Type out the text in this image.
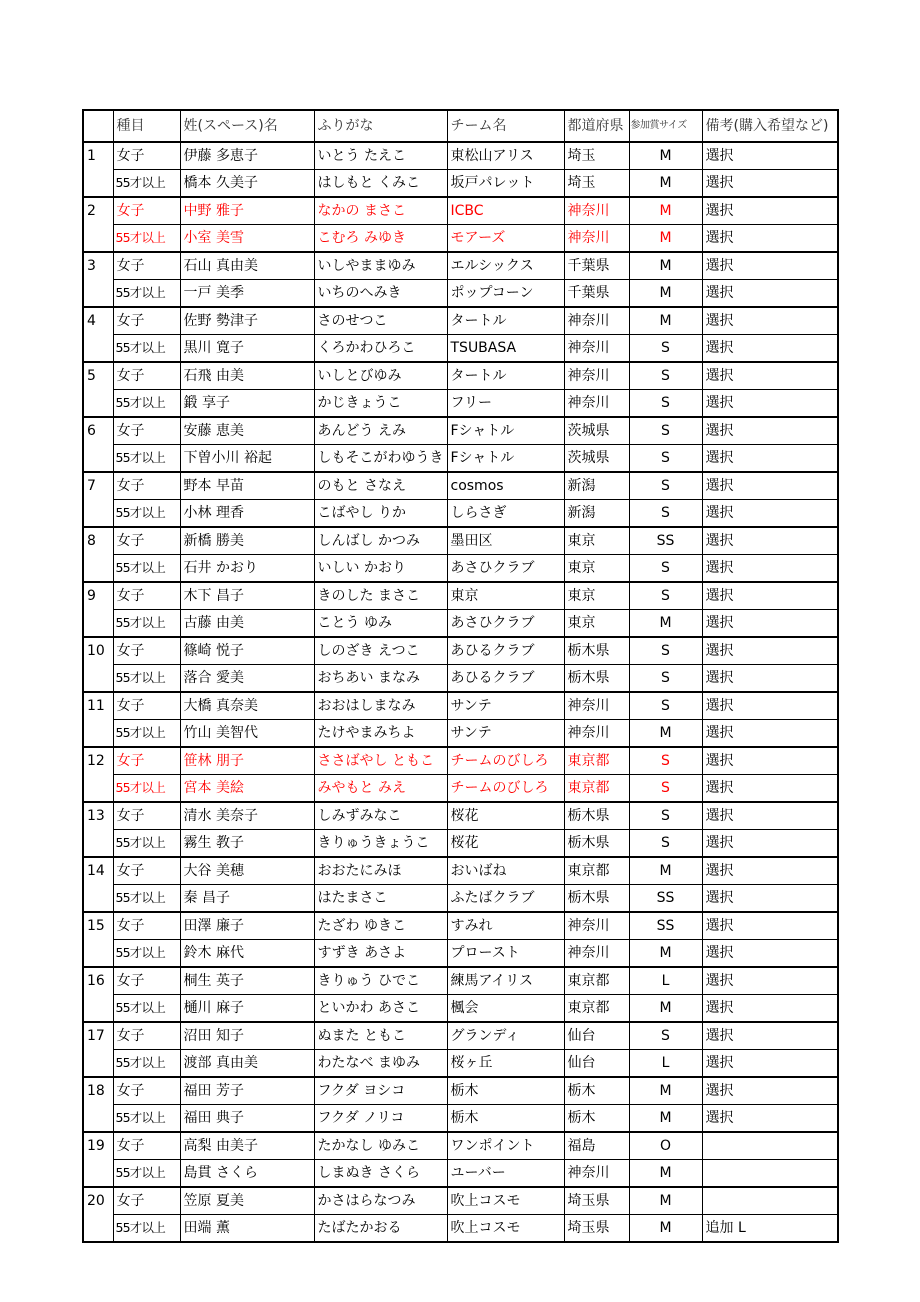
	種目	姓(スペース)名	ふりがな	チーム名	都道府県	参加賞サイズ	備考(購入希望など)
1	女子	伊藤 多恵子	いとう たえこ	東松山アリス	埼玉	M	選択
	55才以上	橋本 久美子	はしもと くみこ	坂戸パレット	埼玉	M	選択
2	女子	中野 雅子	なかの まさこ	ICBC	神奈川	M	選択
	55才以上	小室 美雪	こむろ みゆき	モアーズ	神奈川	M	選択
3	女子	石山 真由美	いしやままゆみ	エルシックス	千葉県	M	選択
	55才以上	一戸 美季	いちのへみき	ポップコーン	千葉県	M	選択
4	女子	佐野 勢津子	さのせつこ	タートル	神奈川	M	選択
	55才以上	黒川 寛子	くろかわひろこ	TSUBASA	神奈川	S	選択
5	女子	石飛 由美	いしとびゆみ	タートル	神奈川	S	選択
	55才以上	鍛 享子	かじきょうこ	フリー	神奈川	S	選択
6	女子	安藤 恵美	あんどう えみ	Fシャトル	茨城県	S	選択
	55才以上	下曽小川 裕起	しもそこがわゆうき	Fシャトル	茨城県	S	選択
7	女子	野本 早苗	のもと さなえ	cosmos	新潟	S	選択
	55才以上	小林 理香	こばやし りか	しらさぎ	新潟	S	選択
8	女子	新橋 勝美	しんばし かつみ	墨田区	東京	SS	選択
	55才以上	石井 かおり	いしい かおり	あさひクラブ	東京	S	選択
9	女子	木下 昌子	きのした まさこ	東京	東京	S	選択
	55才以上	古藤 由美	ことう ゆみ	あさひクラブ	東京	M	選択
10	女子	篠崎 悦子	しのざき えつこ	あひるクラブ	栃木県	S	選択
	55才以上	落合 愛美	おちあい まなみ	あひるクラブ	栃木県	S	選択
11	女子	大橋 真奈美	おおはしまなみ	サンテ	神奈川	S	選択
	55才以上	竹山 美智代	たけやまみちよ	サンテ	神奈川	M	選択
12	女子	笹林 朋子	ささばやし ともこ	チームのびしろ	東京都	S	選択
	55才以上	宮本 美絵	みやもと みえ	チームのびしろ	東京都	S	選択
13	女子	清水 美奈子	しみずみなこ	桜花	栃木県	S	選択
	55才以上	霧生 教子	きりゅうきょうこ	桜花	栃木県	S	選択
14	女子	大谷 美穂	おおたにみほ	おいばね	東京都	M	選択
	55才以上	秦 昌子	はたまさこ	ふたばクラブ	栃木県	SS	選択
15	女子	田澤 廉子	たざわ ゆきこ	すみれ	神奈川	SS	選択
	55才以上	鈴木 麻代	すずき あさよ	プロースト	神奈川	M	選択
16	女子	桐生 英子	きりゅう ひでこ	練馬アイリス	東京都	L	選択
	55才以上	樋川 麻子	といかわ あさこ	楓会	東京都	M	選択
17	女子	沼田 知子	ぬまた ともこ	グランディ	仙台	S	選択
	55才以上	渡部 真由美	わたなべ まゆみ	桜ヶ丘	仙台	L	選択
18	女子	福田 芳子	フクダ ヨシコ	栃木	栃木	M	選択
	55才以上	福田 典子	フクダ ノリコ	栃木	栃木	M	選択
19	女子	高梨 由美子	たかなし ゆみこ	ワンポイント	福島	O	
	55才以上	島貫 さくら	しまぬき さくら	ユーバー	神奈川	M	
20	女子	笠原 夏美	かさはらなつみ	吹上コスモ	埼玉県	M	
	55才以上	田端 薫	たばたかおる	吹上コスモ	埼玉県	M	追加 L
